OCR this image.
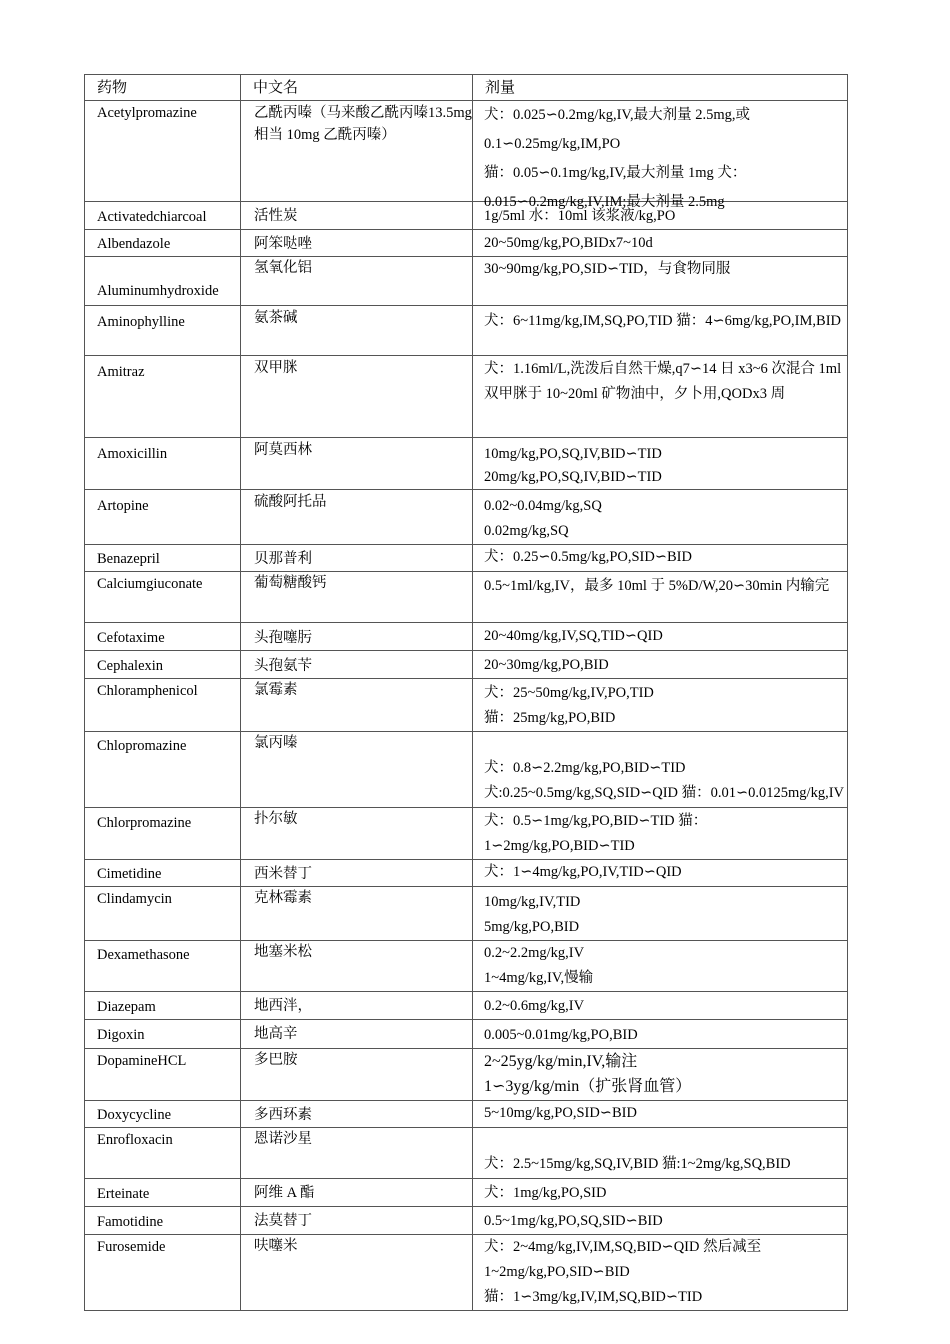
药物	中文名	剂量
Acetylpromazine	乙酰丙嗪（马来酸乙酰丙嗪13.5mg 相当 10mg 乙酰丙嗪）	犬：0.025∽0.2mg/kg,IV,最大剂量 2.5mg,或
0.1∽0.25mg/kg,IM,PO
猫：0.05∽0.1mg/kg,IV,最大剂量 1mg 犬：0.015∽0.2mg/kg,IV,IM;最大剂量 2.5mg

Activatedchiarcoal	活性炭	1g/5ml 水：10ml 该浆液/kg,PO

Albendazole	阿笨哒唑	20~50mg/kg,PO,BIDx7~10d

Aluminumhydroxide	氢氧化铝	30~90mg/kg,PO,SID∽TID，与食物同服

Aminophylline	氨茶碱	犬：6~11mg/kg,IM,SQ,PO,TID 猫：4∽6mg/kg,PO,IM,BID
Amitraz	双甲脒	犬：1.16ml/L,洗泼后自然干燥,q7∽14 日 x3~6 次混合 1ml 双甲脒于 10~20ml 矿物油中，夕卜用,QODx3 周
Amoxicillin	阿莫西林	10mg/kg,PO,SQ,IV,BID∽TID
20mg/kg,PO,SQ,IV,BID∽TID

Artopine	硫酸阿托品	0.02~0.04mg/kg,SQ
0.02mg/kg,SQ

Benazepril	贝那普利	犬：0.25∽0.5mg/kg,PO,SID∽BID

Calciumgiuconate	葡萄糖酸钙	0.5~1ml/kg,IV，最多 10ml 于 5%D/W,20∽30min 内输完
Cefotaxime	头孢噻肟	20~40mg/kg,IV,SQ,TID∽QID

Cephalexin	头孢氨苄	20~30mg/kg,PO,BID

Chloramphenicol	氯霉素	犬：25~50mg/kg,IV,PO,TID
猫：25mg/kg,PO,BID

Chlopromazine	氯丙嗪	犬：0.8∽2.2mg/kg,PO,BID∽TID 犬:0.25~0.5mg/kg,SQ,SID∽QID 猫：0.01∽0.0125mg/kg,IV
Chlorpromazine	扑尔敏	犬：0.5∽1mg/kg,PO,BID∽TID 猫：1∽2mg/kg,PO,BID∽TID
Cimetidine	西米替丁	犬：1∽4mg/kg,PO,IV,TID∽QID

Clindamycin	克林霉素	10mg/kg,IV,TID
5mg/kg,PO,BID

Dexamethasone	地塞米松	0.2~2.2mg/kg,IV
1~4mg/kg,IV,慢输

Diazepam	地西泮，	0.2~0.6mg/kg,IV

Digoxin	地高辛	0.005~0.01mg/kg,PO,BID

DopamineHCL	多巴胺	2~25yg/kg/min,IV,输注
1∽3yg/kg/min（扩张肾血管）

Doxycycline	多西环素	5~10mg/kg,PO,SID∽BID

Enrofloxacin	恩诺沙星	犬：2.5~15mg/kg,SQ,IV,BID 猫:1~2mg/kg,SQ,BID

Erteinate	阿维 A 酯	犬：1mg/kg,PO,SID

Famotidine	法莫替丁	0.5~1mg/kg,PO,SQ,SID∽BID

Furosemide	呋噻米	犬：2~4mg/kg,IV,IM,SQ,BID∽QID 然后减至
1~2mg/kg,PO,SID∽BID
猫：1∽3mg/kg,IV,IM,SQ,BID∽TID
